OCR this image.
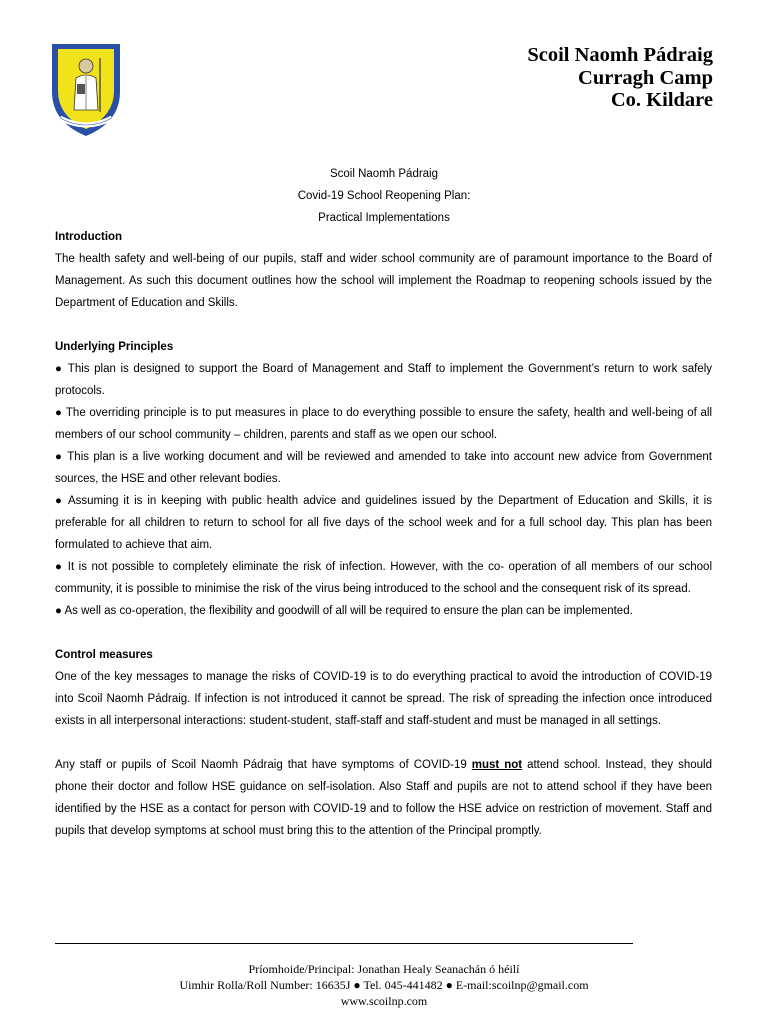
Scoil Naomh Pádraig
Curragh Camp
Co. Kildare
Scoil Naomh Pádraig
Covid-19 School Reopening Plan:
Practical Implementations

Introduction

The health safety and well-being of our pupils, staff and wider school community are of paramount importance to the Board of Management. As such this document outlines how the school will implement the Roadmap to reopening schools issued by the Department of Education and Skills.

Underlying Principles

● This plan is designed to support the Board of Management and Staff to implement the Government’s return to work safely protocols.

● The overriding principle is to put measures in place to do everything possible to ensure the safety, health and well-being of all members of our school community – children, parents and staff as we open our school.

● This plan is a live working document and will be reviewed and amended to take into account new advice from Government sources, the HSE and other relevant bodies.

● Assuming it is in keeping with public health advice and guidelines issued by the Department of Education and Skills, it is preferable for all children to return to school for all five days of the school week and for a full school day. This plan has been formulated to achieve that aim.

● It is not possible to completely eliminate the risk of infection. However, with the co- operation of all members of our school community, it is possible to minimise the risk of the virus being introduced to the school and the consequent risk of its spread.

● As well as co-operation, the flexibility and goodwill of all will be required to ensure the plan can be implemented.

Control measures

One of the key messages to manage the risks of COVID-19 is to do everything practical to avoid the introduction of COVID-19 into Scoil Naomh Pádraig. If infection is not introduced it cannot be spread. The risk of spreading the infection once introduced exists in all interpersonal interactions: student-student, staff-staff and staff-student and must be managed in all settings.

Any staff or pupils of Scoil Naomh Pádraig that have symptoms of COVID-19 must not attend school. Instead, they should phone their doctor and follow HSE guidance on self-isolation. Also Staff and pupils are not to attend school if they have been identified by the HSE as a contact for person with COVID-19 and to follow the HSE advice on restriction of movement. Staff and pupils that develop symptoms at school must bring this to the attention of the Principal promptly.

Príomhoide/Principal: Jonathan Healy Seanachán ó héilí
Uimhir Rolla/Roll Number: 16635J ● Tel. 045-441482 ● E-mail:scoilnp@gmail.com
www.scoilnp.com
